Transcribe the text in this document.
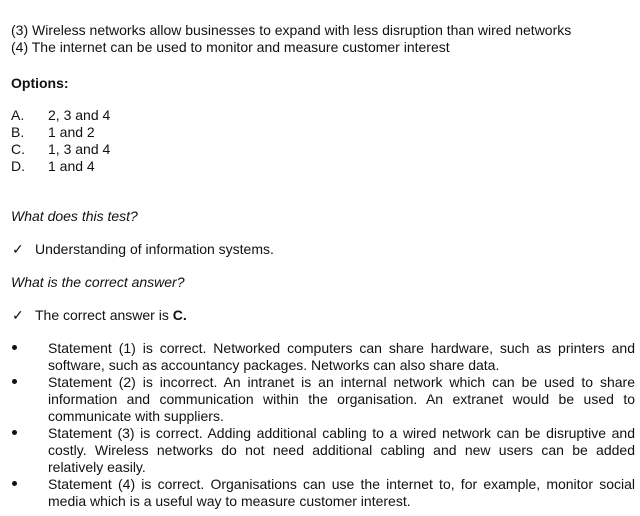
(3) Wireless networks allow businesses to expand with less disruption than wired networks

(4) The internet can be used to monitor and measure customer interest

Options:
A.	2, 3 and 4
B.	1 and 2
C.	1, 3 and 4
D.	1 and 4
What does this test?
✓ Understanding of information systems.
What is the correct answer?
✓ The correct answer is C.
Statement (1) is correct. Networked computers can share hardware, such as printers and software, such as accountancy packages. Networks can also share data.
Statement (2) is incorrect. An intranet is an internal network which can be used to share information and communication within the organisation. An extranet would be used to communicate with suppliers.
Statement (3) is correct. Adding additional cabling to a wired network can be disruptive and costly. Wireless networks do not need additional cabling and new users can be added relatively easily.
Statement (4) is correct. Organisations can use the internet to, for example, monitor social media which is a useful way to measure customer interest.
